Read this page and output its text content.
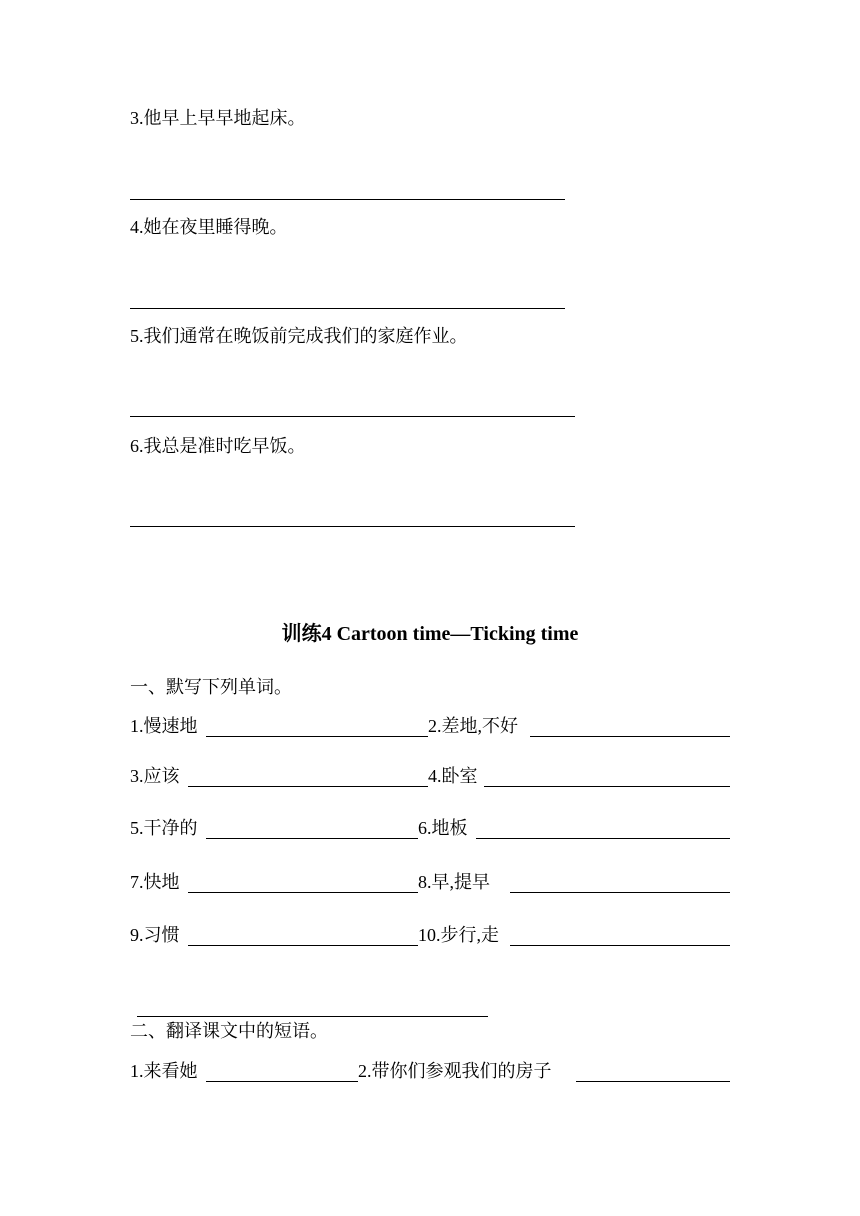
3.他早上早早地起床。
4.她在夜里睡得晚。
5.我们通常在晚饭前完成我们的家庭作业。
6.我总是准时吃早饭。
训练4 Cartoon time—Ticking time
一、默写下列单词。
1.慢速地	2.差地,不好
3.应该	4.卧室
5.干净的	6.地板
7.快地	8.早,提早
9.习惯	10.步行,走
二、翻译课文中的短语。
1.来看她	2.带你们参观我们的房子
